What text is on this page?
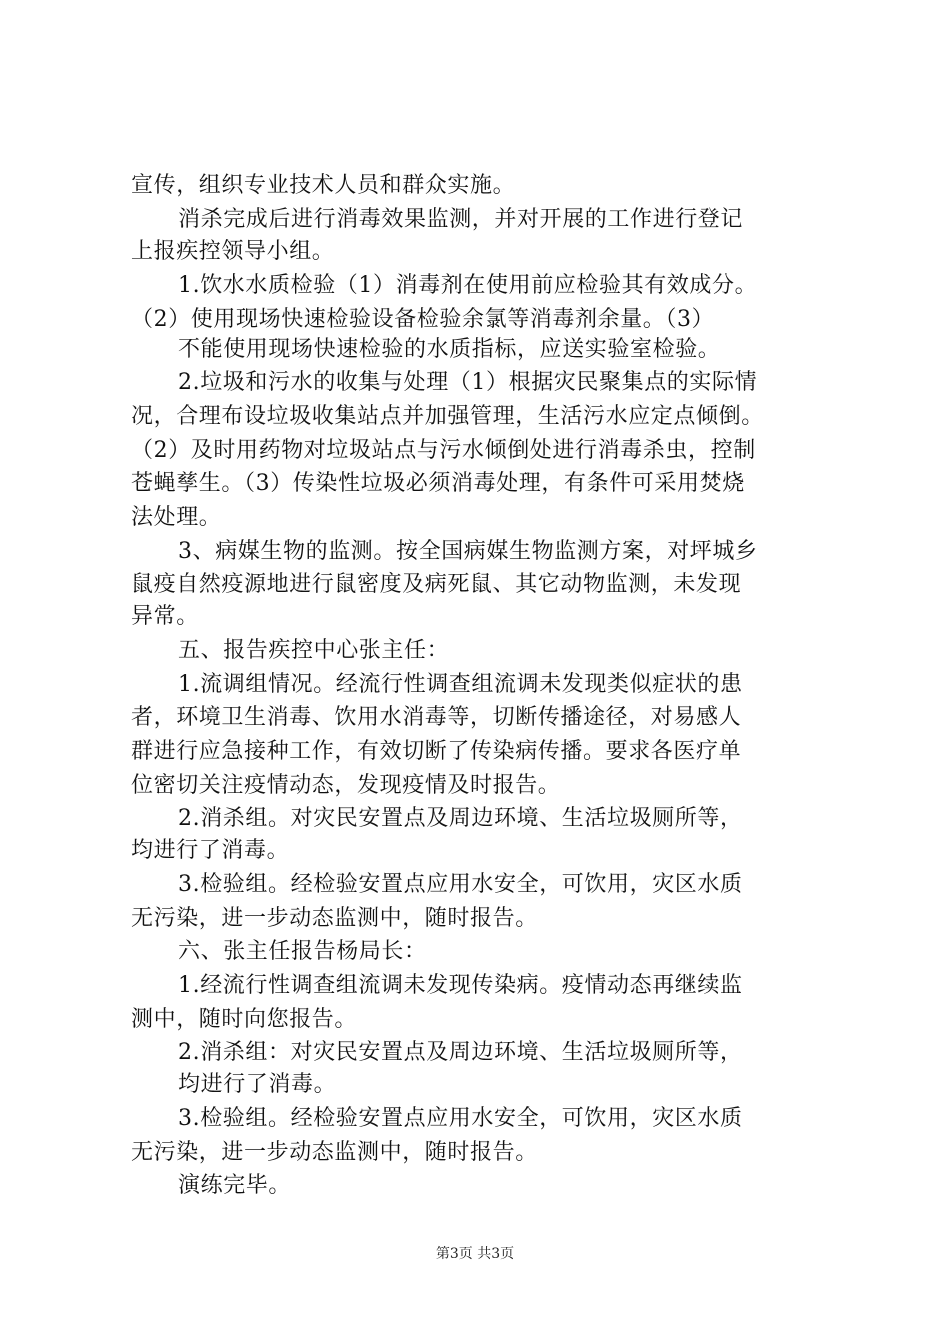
宣传，组织专业技术人员和群众实施。
消杀完成后进行消毒效果监测，并对开展的工作进行登记
上报疾控领导小组。
1.饮水水质检验（1）消毒剂在使用前应检验其有效成分。
（2）使用现场快速检验设备检验余氯等消毒剂余量。（3）
不能使用现场快速检验的水质指标，应送实验室检验。
2.垃圾和污水的收集与处理（1）根据灾民聚集点的实际情
况，合理布设垃圾收集站点并加强管理，生活污水应定点倾倒。
（2）及时用药物对垃圾站点与污水倾倒处进行消毒杀虫，控制
苍蝇孳生。（3）传染性垃圾必须消毒处理，有条件可采用焚烧
法处理。
3、病媒生物的监测。按全国病媒生物监测方案，对坪城乡
鼠疫自然疫源地进行鼠密度及病死鼠、其它动物监测，未发现
异常。
五、报告疾控中心张主任：
1.流调组情况。经流行性调查组流调未发现类似症状的患
者，环境卫生消毒、饮用水消毒等，切断传播途径，对易感人
群进行应急接种工作，有效切断了传染病传播。要求各医疗单
位密切关注疫情动态，发现疫情及时报告。
2.消杀组。对灾民安置点及周边环境、生活垃圾厕所等，
均进行了消毒。
3.检验组。经检验安置点应用水安全，可饮用，灾区水质
无污染，进一步动态监测中，随时报告。
六、张主任报告杨局长：
1.经流行性调查组流调未发现传染病。疫情动态再继续监
测中，随时向您报告。
2.消杀组：对灾民安置点及周边环境、生活垃圾厕所等，
均进行了消毒。
3.检验组。经检验安置点应用水安全，可饮用，灾区水质
无污染，进一步动态监测中，随时报告。
演练完毕。
第3页 共3页
